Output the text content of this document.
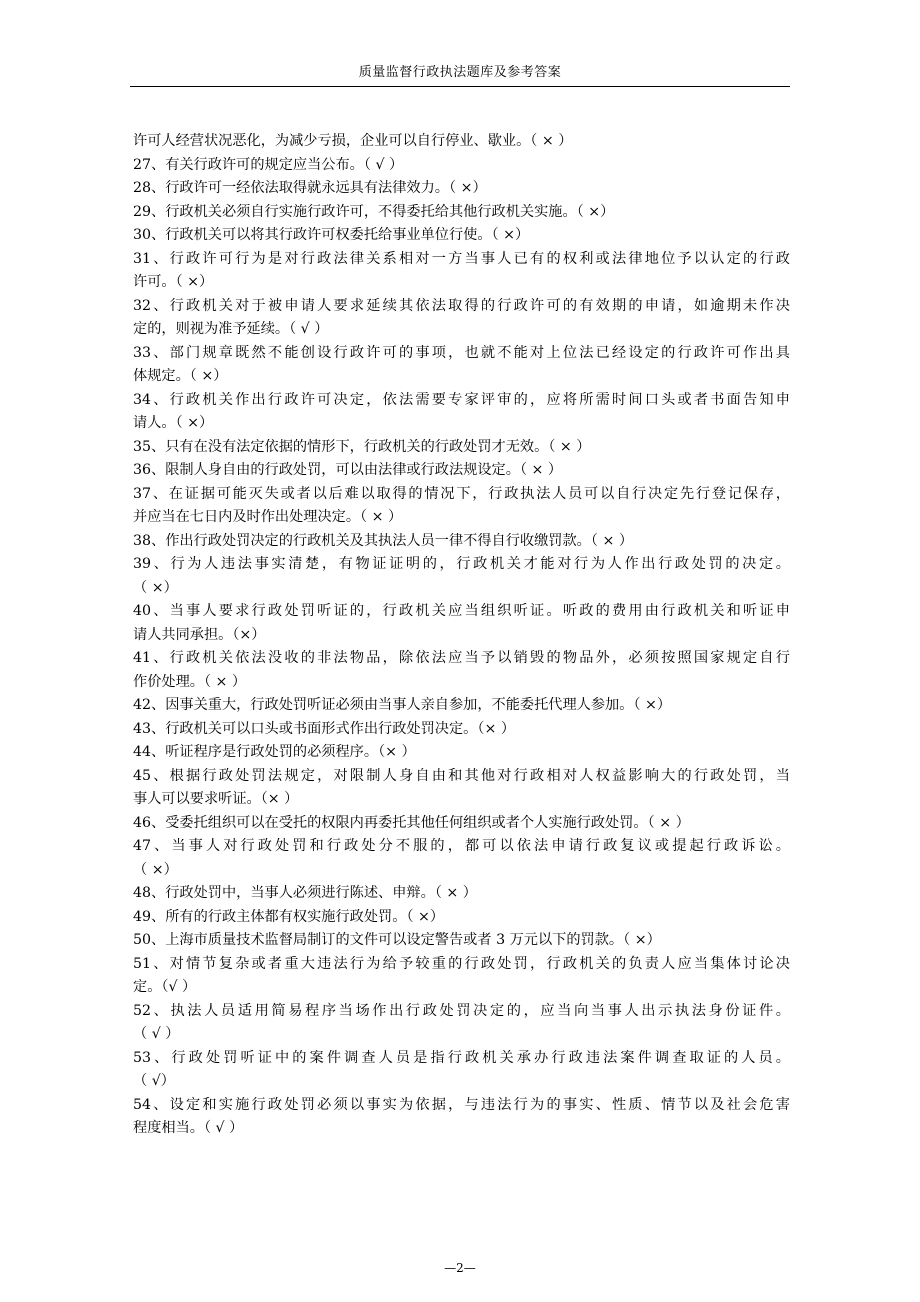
质量监督行政执法题库及参考答案
许可人经营状况恶化，为减少亏损，企业可以自行停业、歇业。（ × ）
27、有关行政许可的规定应当公布。（ √ ）
28、行政许可一经依法取得就永远具有法律效力。（ ×）
29、行政机关必须自行实施行政许可，不得委托给其他行政机关实施。（ ×）
30、行政机关可以将其行政许可权委托给事业单位行使。（ ×）
31、行政许可行为是对行政法律关系相对一方当事人已有的权利或法律地位予以认定的行政
许可。（ ×）
32、行政机关对于被申请人要求延续其依法取得的行政许可的有效期的申请，如逾期未作决
定的，则视为准予延续。（ √ ）
33、部门规章既然不能创设行政许可的事项，也就不能对上位法已经设定的行政许可作出具
体规定。（ ×）
34、行政机关作出行政许可决定，依法需要专家评审的，应将所需时间口头或者书面告知申
请人。（ ×）
35、只有在没有法定依据的情形下，行政机关的行政处罚才无效。（ × ）
36、限制人身自由的行政处罚，可以由法律或行政法规设定。（ × ）
37、在证据可能灭失或者以后难以取得的情况下，行政执法人员可以自行决定先行登记保存，
并应当在七日内及时作出处理决定。（ × ）
38、作出行政处罚决定的行政机关及其执法人员一律不得自行收缴罚款。（ × ）
39、行为人违法事实清楚，有物证证明的，行政机关才能对行为人作出行政处罚的决定。
（ ×）
40、当事人要求行政处罚听证的，行政机关应当组织听证。听政的费用由行政机关和听证申
请人共同承担。（×）
41、行政机关依法没收的非法物品，除依法应当予以销毁的物品外，必须按照国家规定自行
作价处理。（ × ）
42、因事关重大，行政处罚听证必须由当事人亲自参加，不能委托代理人参加。（ ×）
43、行政机关可以口头或书面形式作出行政处罚决定。（× ）
44、听证程序是行政处罚的必须程序。（× ）
45、根据行政处罚法规定，对限制人身自由和其他对行政相对人权益影响大的行政处罚，当
事人可以要求听证。（× ）
46、受委托组织可以在受托的权限内再委托其他任何组织或者个人实施行政处罚。（ × ）
47、当事人对行政处罚和行政处分不服的，都可以依法申请行政复议或提起行政诉讼。
（ ×）
48、行政处罚中，当事人必须进行陈述、申辩。（ × ）
49、所有的行政主体都有权实施行政处罚。（ ×）
50、上海市质量技术监督局制订的文件可以设定警告或者 3 万元以下的罚款。（ ×）
51、对情节复杂或者重大违法行为给予较重的行政处罚，行政机关的负责人应当集体讨论决
定。（√ ）
52、执法人员适用简易程序当场作出行政处罚决定的，应当向当事人出示执法身份证件。
（ √ ）
53、行政处罚听证中的案件调查人员是指行政机关承办行政违法案件调查取证的人员。
（ √）
54、设定和实施行政处罚必须以事实为依据，与违法行为的事实、性质、情节以及社会危害
程度相当。（ √ ）
—2—
